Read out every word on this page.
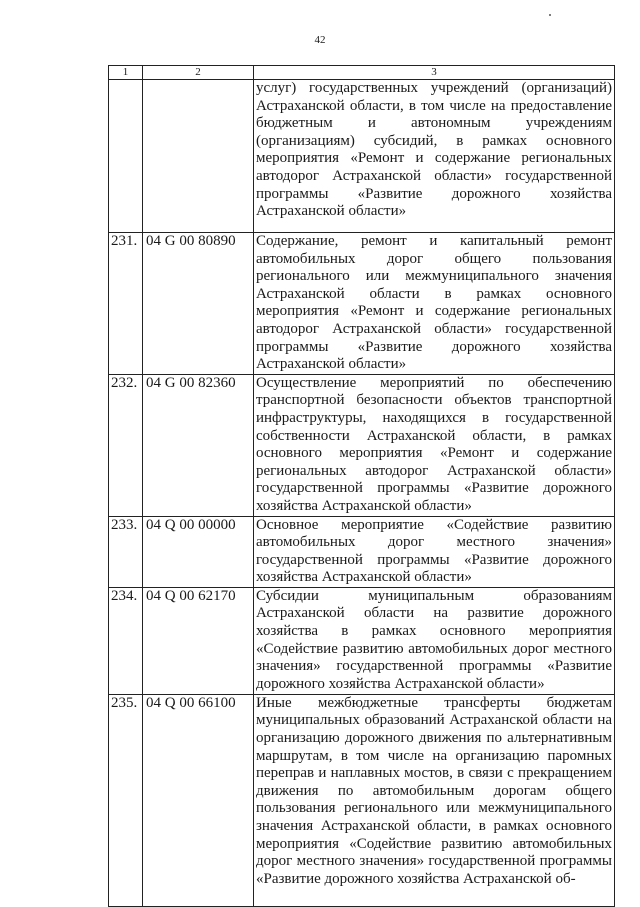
42
1	2	3
		услуг) государственных учреждений (организаций) Астраханской области, в том числе на предоставление бюджетным и автономным учреждениям (организациям) субсидий, в рамках основного мероприятия «Ремонт и содержание региональных автодорог Астраханской области» государственной программы «Развитие дорожного хозяйства Астраханской области»
231.	04 G 00 80890	Содержание, ремонт и капитальный ремонт автомобильных дорог общего пользования регионального или межмуниципального значения Астраханской области в рамках основного мероприятия «Ремонт и содержание региональных автодорог Астраханской области» государственной программы «Развитие дорожного хозяйства Астраханской области»
232.	04 G 00 82360	Осуществление мероприятий по обеспечению транспортной безопасности объектов транспортной инфраструктуры, находящихся в государственной собственности Астраханской области, в рамках основного мероприятия «Ремонт и содержание региональных автодорог Астраханской области» государственной программы «Развитие дорожного хозяйства Астраханской области»
233.	04 Q 00 00000	Основное мероприятие «Содействие развитию автомобильных дорог местного значения» государственной программы «Развитие дорожного хозяйства Астраханской области»
234.	04 Q 00 62170	Субсидии муниципальным образованиям Астраханской области на развитие дорожного хозяйства в рамках основного мероприятия «Содействие развитию автомобильных дорог местного значения» государственной программы «Развитие дорожного хозяйства Астраханской области»
235.	04 Q 00 66100	Иные межбюджетные трансферты бюджетам муниципальных образований Астраханской области на организацию дорожного движения по альтернативным маршрутам, в том числе на организацию паромных переправ и наплавных мостов, в связи с прекращением движения по автомобильным дорогам общего пользования регионального или межмуниципального значения Астраханской области, в рамках основного мероприятия «Содействие развитию автомобильных дорог местного значения» государственной программы «Развитие дорожного хозяйства Астраханской об-
